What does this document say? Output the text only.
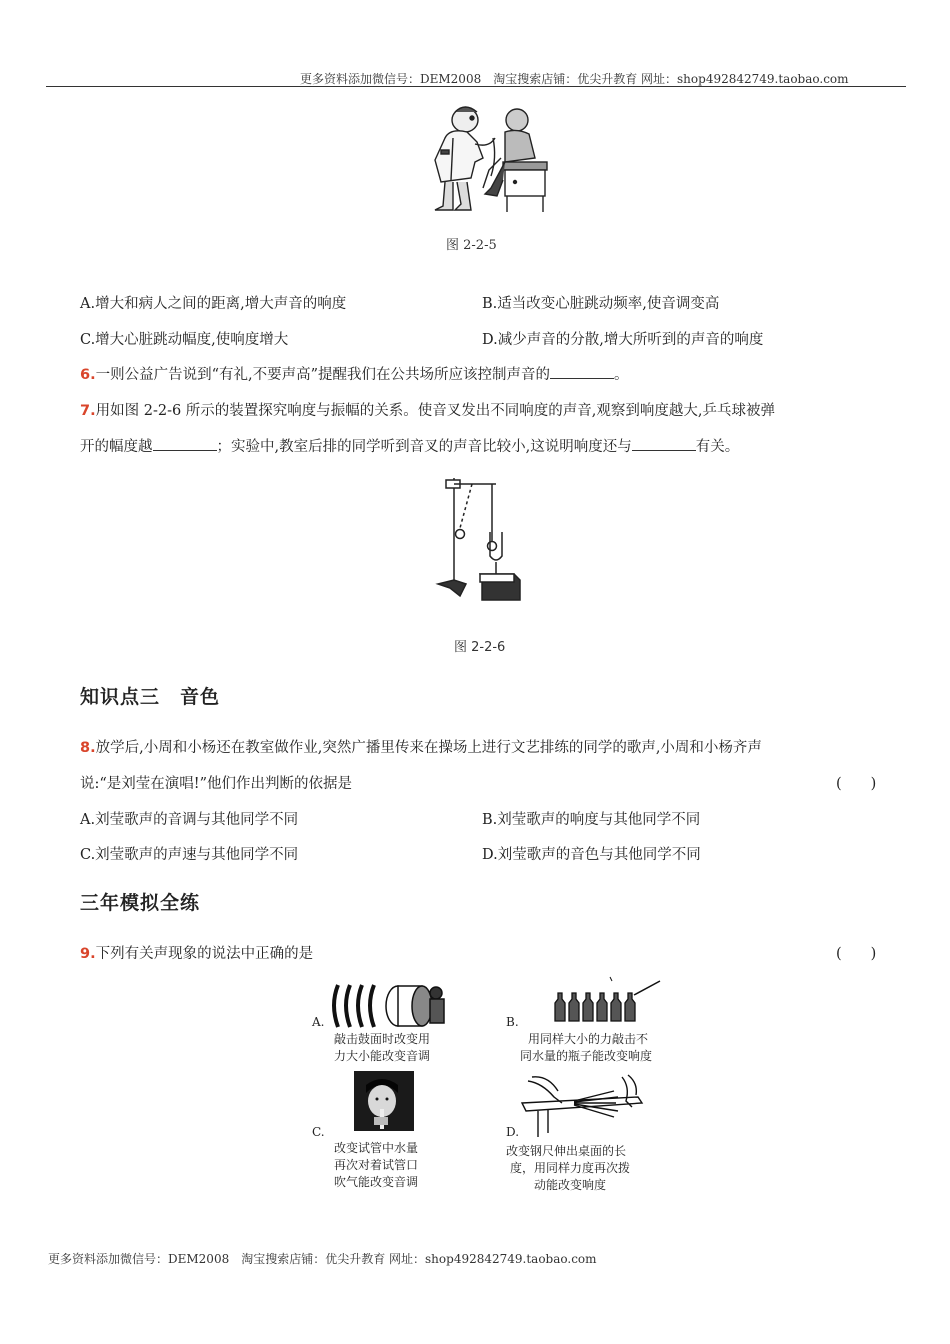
更多资料添加微信号：DEM2008　淘宝搜索店铺：优尖升教育 网址：shop492842749.taobao.com
图 2-2-5
A.增大和病人之间的距离,增大声音的响度	B.适当改变心脏跳动频率,使音调变高
C.增大心脏跳动幅度,使响度增大	D.减少声音的分散,增大所听到的声音的响度
6.一则公益广告说到“有礼,不要声高”提醒我们在公共场所应该控制声音的	。
7.用如图 2-2-6 所示的装置探究响度与振幅的关系。使音叉发出不同响度的声音,观察到响度越大,乒乓球被弹
开的幅度越	；实验中,教室后排的同学听到音叉的声音比较小,这说明响度还与	有关。
图 2-2-6
知识点三　音色
8.放学后,小周和小杨还在教室做作业,突然广播里传来在操场上进行文艺排练的同学的歌声,小周和小杨齐声
说:“是刘莹在演唱!”他们作出判断的依据是	(　　)
A.刘莹歌声的音调与其他同学不同	B.刘莹歌声的响度与其他同学不同
C.刘莹歌声的声速与其他同学不同	D.刘莹歌声的音色与其他同学不同
三年模拟全练
9.下列有关声现象的说法中正确的是	(　　)
A.
敲击鼓面时改变用
力大小能改变音调
B.
用同样大小的力敲击不
同水量的瓶子能改变响度
C.
改变试管中水量
再次对着试管口
吹气能改变音调
D.
改变钢尺伸出桌面的长
度，用同样力度再次拨
动能改变响度
更多资料添加微信号：DEM2008　淘宝搜索店铺：优尖升教育 网址：shop492842749.taobao.com
